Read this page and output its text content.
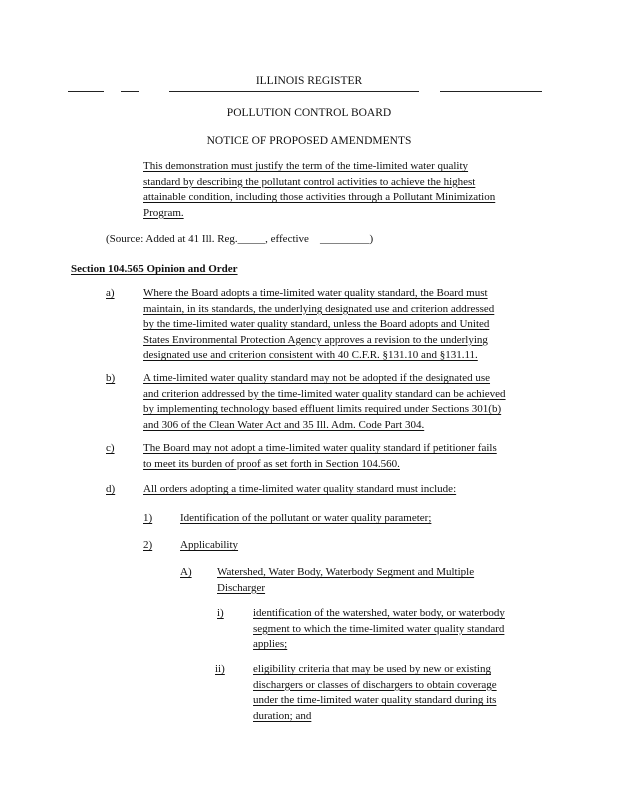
ILLINOIS REGISTER
POLLUTION CONTROL BOARD
NOTICE OF PROPOSED AMENDMENTS
This demonstration must justify the term of the time-limited water quality
standard by describing the pollutant control activities to achieve the highest
attainable condition, including those activities through a Pollutant Minimization
Program.
(Source: Added at 41 Ill. Reg._____, effective _________)
Section 104.565 Opinion and Order
a)	Where the Board adopts a time-limited water quality standard, the Board must
maintain, in its standards, the underlying designated use and criterion addressed
by the time-limited water quality standard, unless the Board adopts and United
States Environmental Protection Agency approves a revision to the underlying
designated use and criterion consistent with 40 C.F.R. §131.10 and §131.11.
b)	A time-limited water quality standard may not be adopted if the designated use
and criterion addressed by the time-limited water quality standard can be achieved
by implementing technology based effluent limits required under Sections 301(b)
and 306 of the Clean Water Act and 35 Ill. Adm. Code Part 304.
c)	The Board may not adopt a time-limited water quality standard if petitioner fails
to meet its burden of proof as set forth in Section 104.560.
d)	All orders adopting a time-limited water quality standard must include:
1)	Identification of the pollutant or water quality parameter;
2)	Applicability
A) Watershed, Water Body, Waterbody Segment and Multiple
Discharger
i)	identification of the watershed, water body, or waterbody
segment to which the time-limited water quality standard
applies;
ii)	eligibility criteria that may be used by new or existing
dischargers or classes of dischargers to obtain coverage
under the time-limited water quality standard during its
duration; and
